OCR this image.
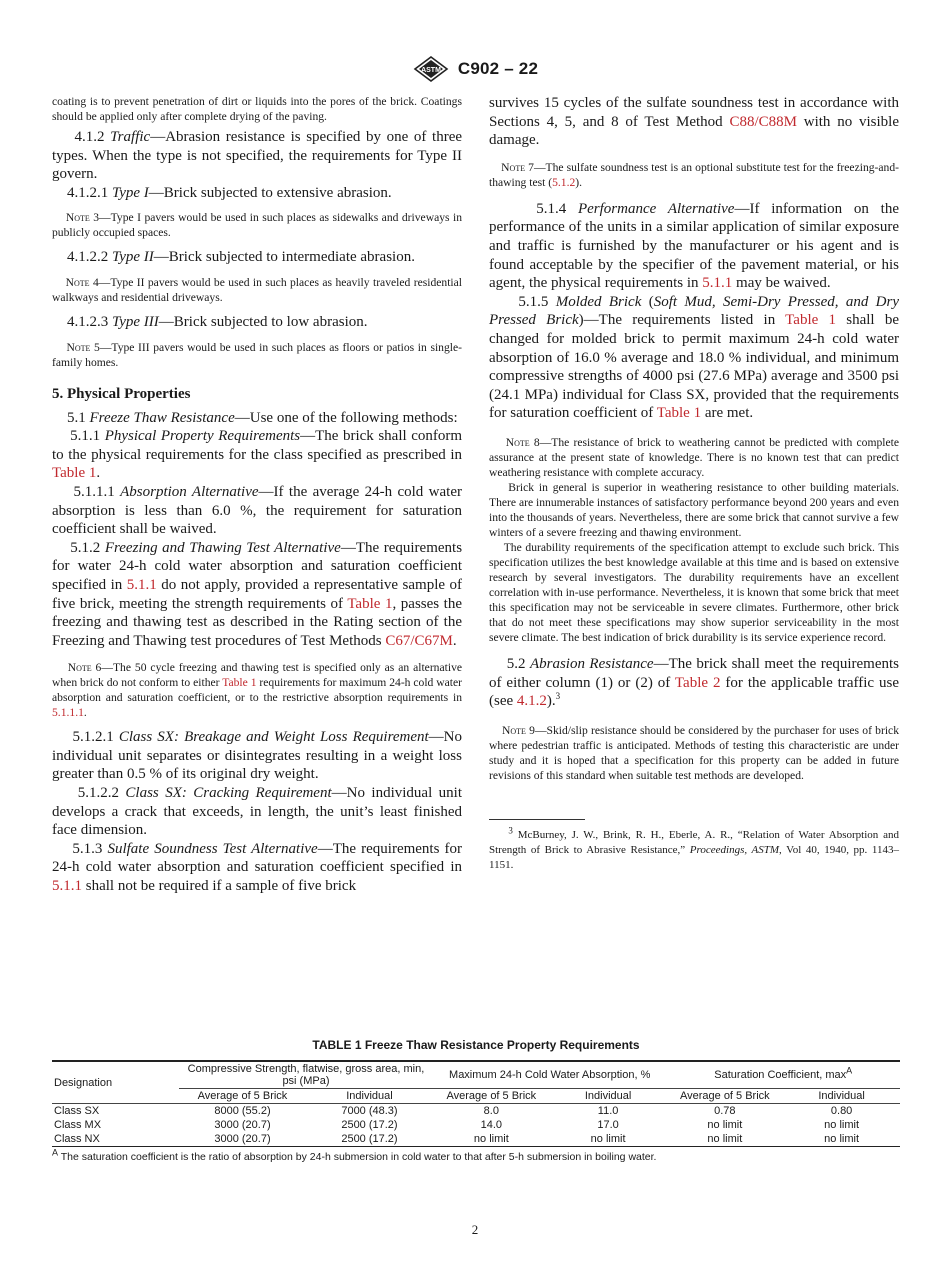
ASTM C902 – 22

coating is to prevent penetration of dirt or liquids into the pores of the brick. Coatings should be applied only after complete drying of the paving.

4.1.2 Traffic—Abrasion resistance is specified by one of three types. When the type is not specified, the requirements for Type II govern.

4.1.2.1 Type I—Brick subjected to extensive abrasion.

Note 3—Type I pavers would be used in such places as sidewalks and driveways in publicly occupied spaces.

4.1.2.2 Type II—Brick subjected to intermediate abrasion.

Note 4—Type II pavers would be used in such places as heavily traveled residential walkways and residential driveways.

4.1.2.3 Type III—Brick subjected to low abrasion.

Note 5—Type III pavers would be used in such places as floors or patios in single-family homes.

5. Physical Properties

5.1 Freeze Thaw Resistance—Use one of the following methods:

5.1.1 Physical Property Requirements—The brick shall conform to the physical requirements for the class specified as prescribed in Table 1.

5.1.1.1 Absorption Alternative—If the average 24-h cold water absorption is less than 6.0 %, the requirement for saturation coefficient shall be waived.

5.1.2 Freezing and Thawing Test Alternative—The requirements for water 24-h cold water absorption and saturation coefficient specified in 5.1.1 do not apply, provided a representative sample of five brick, meeting the strength requirements of Table 1, passes the freezing and thawing test as described in the Rating section of the Freezing and Thawing test procedures of Test Methods C67/C67M.

Note 6—The 50 cycle freezing and thawing test is specified only as an alternative when brick do not conform to either Table 1 requirements for maximum 24-h cold water absorption and saturation coefficient, or to the restrictive absorption requirements in 5.1.1.1.

5.1.2.1 Class SX: Breakage and Weight Loss Requirement—No individual unit separates or disintegrates resulting in a weight loss greater than 0.5 % of its original dry weight.

5.1.2.2 Class SX: Cracking Requirement—No individual unit develops a crack that exceeds, in length, the unit’s least finished face dimension.

5.1.3 Sulfate Soundness Test Alternative—The requirements for 24-h cold water absorption and saturation coefficient specified in 5.1.1 shall not be required if a sample of five brick

survives 15 cycles of the sulfate soundness test in accordance with Sections 4, 5, and 8 of Test Method C88/C88M with no visible damage.

Note 7—The sulfate soundness test is an optional substitute test for the freezing-and-thawing test (5.1.2).

5.1.4 Performance Alternative—If information on the performance of the units in a similar application of similar exposure and traffic is furnished by the manufacturer or his agent and is found acceptable by the specifier of the pavement material, or his agent, the physical requirements in 5.1.1 may be waived.

5.1.5 Molded Brick (Soft Mud, Semi-Dry Pressed, and Dry Pressed Brick)—The requirements listed in Table 1 shall be changed for molded brick to permit maximum 24-h cold water absorption of 16.0 % average and 18.0 % individual, and minimum compressive strengths of 4000 psi (27.6 MPa) average and 3500 psi (24.1 MPa) individual for Class SX, provided that the requirements for saturation coefficient of Table 1 are met.

Note 8—The resistance of brick to weathering cannot be predicted with complete assurance at the present state of knowledge. There is no known test that can predict weathering resistance with complete accuracy.

Brick in general is superior in weathering resistance to other building materials. There are innumerable instances of satisfactory performance beyond 200 years and even into the thousands of years. Nevertheless, there are some brick that cannot survive a few winters of a severe freezing and thawing environment.

The durability requirements of the specification attempt to exclude such brick. This specification utilizes the best knowledge available at this time and is based on extensive research by several investigators. The durability requirements have an excellent correlation with in-use performance. Nevertheless, it is known that some brick that meet this specification may not be serviceable in severe climates. Furthermore, other brick that do not meet these specifications may show superior serviceability in the most severe climate. The best indication of brick durability is its service experience record.

5.2 Abrasion Resistance—The brick shall meet the requirements of either column (1) or (2) of Table 2 for the applicable traffic use (see 4.1.2).$^3$

Note 9—Skid/slip resistance should be considered by the purchaser for uses of brick where pedestrian traffic is anticipated. Methods of testing this characteristic are under study and it is hoped that a specification for this property can be added in future revisions of this standard when suitable test methods are developed.

$^3$ McBurney, J. W., Brink, R. H., Eberle, A. R., “Relation of Water Absorption and Strength of Brick to Abrasive Resistance,” Proceedings, ASTM, Vol 40, 1940, pp. 1143–1151.

TABLE 1 Freeze Thaw Resistance Property Requirements
Designation	Compressive Strength, flatwise, gross area, min, psi (MPa)		Maximum 24-h Cold Water Absorption, %		Saturation Coefficient, $\max^A$
	Average of 5 Brick	Individual	Average of 5 Brick	Individual	Average of 5 Brick	Individual
Class SX	8000 (55.2)	7000 (48.3)	8.0	11.0	0.78	0.80
Class MX	3000 (20.7)	2500 (17.2)	14.0	17.0	no limit	no limit
Class NX	3000 (20.7)	2500 (17.2)	no limit	no limit	no limit	no limit
$^A$ The saturation coefficient is the ratio of absorption by 24-h submersion in cold water to that after 5-h submersion in boiling water.
2
